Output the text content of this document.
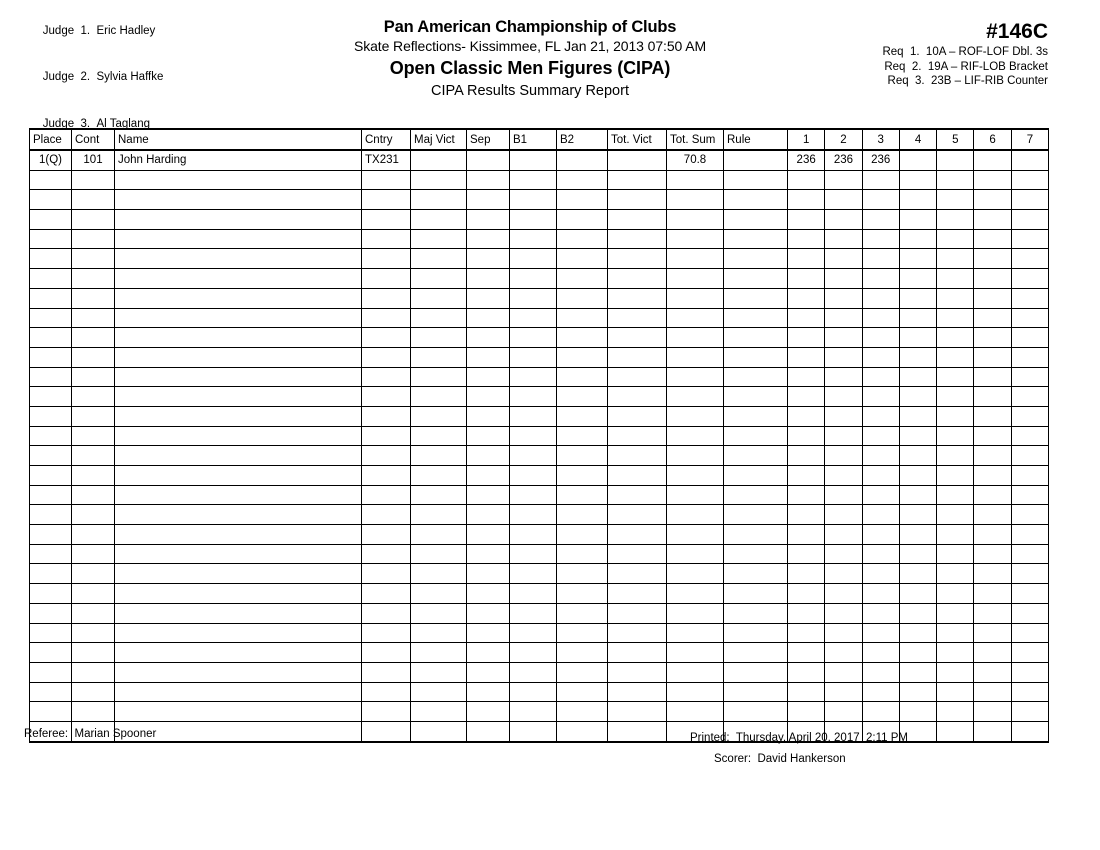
Judge 1. Eric Hadley

Judge 2. Sylvia Haffke

Judge 3. Al Taglang

Pan American Championship of Clubs
Skate Reflections- Kissimmee, FL Jan 21, 2013 07:50 AM
Open Classic Men Figures (CIPA)
CIPA Results Summary Report
#146C
Req  1.  10A – ROF-LOF Dbl. 3s
Req  2.  19A – RIF-LOB Bracket
Req  3.  23B – LIF-RIB Counter
Place	Cont	Name	Cntry	Maj Vict	Sep	B1	B2	Tot. Vict	Tot. Sum	Rule	1	2	3	4	5	6	7
1(Q)	101	John Harding	TX231						70.8		236	236	236				

Referee:  Marian Spooner	Printed:  Thursday, April 20, 2017  2:11 PM
Scorer:  David Hankerson
